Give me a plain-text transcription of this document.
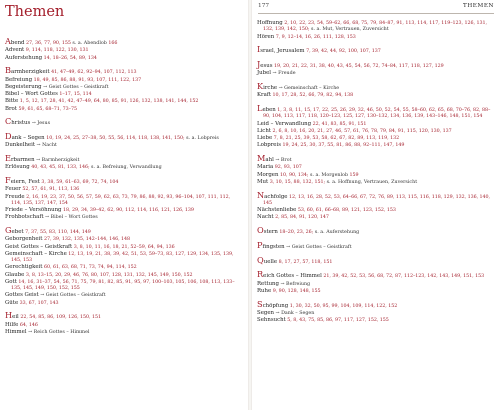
Themen
Abend 27, 36, 77, 90, 155 s. a. Abendlob 166
Advent 9, 114, 118, 122, 130, 131
Auferstehung 14, 18–26, 54, 89, 134
Barmherzigkeit 41, 47–49, 62, 92–94, 107, 112, 113
Befreiung 18, 49, 85, 86, 88, 91, 93, 107, 111, 122, 137
Begeisterung → Geist Gottes – Geistkraft
Bibel – Wort Gottes 1–17, 15, 114
Bitte 1, 5, 12, 17, 28, 41, 42, 47–49, 64, 80, 85, 91, 126, 132, 138, 141, 144, 152
Brot 59, 61, 65, 68–71, 73–75
Christus → Jesus
Dank – Segen 10, 19, 24, 25, 27–38, 50, 55, 56, 114, 118, 138, 141, 150; s. a. Lobpreis
Dunkelheit → Nacht
Erbarmen → Barmherzigkeit
Erlösung 40, 43, 45, 81, 133, 146; s. a. Befreiung, Verwandlung
Feiern, Fest 3, 38, 59, 61–63, 69, 72, 74, 104
Feuer 52, 57, 61, 91, 113, 136
Freude 2, 16, 19, 23, 37, 50, 56, 57, 59, 62, 63, 73, 79, 86, 88, 92, 93, 96–104, 107, 111, 112, 114, 135, 137, 147, 154
Friede – Versöhnung 18, 29, 34, 39–42, 62, 90, 112, 114, 116, 121, 126, 139
Frohbotschaft → Bibel – Wort Gottes
Gebet 7, 37, 55, 83, 110, 144, 149
Geborgenheit 27, 39, 132, 135, 142–144, 146, 148
Geist Gottes – Geistkraft 3, 8, 10, 11, 16, 18, 21, 52–59, 64, 94, 136
Gemeinschaft – Kirche 12, 13, 19, 21, 38, 39, 42, 51, 53, 59–73, 83, 127, 129, 134, 135, 139, 145, 153
Gerechtigkeit 60, 61, 63, 68, 71, 73, 74, 94, 114, 152
Glaube 3, 8, 13–15, 20, 29, 46, 76, 80, 107, 128, 131, 132, 145, 149, 150, 152
Gott 14, 16, 31–37, 54, 56, 71, 75, 79, 81, 82, 85, 91, 95, 97, 100–103, 105, 106, 108, 113, 133–135, 145, 149, 150, 152, 155
Gottes Geist → Geist Gottes – Geistkraft
Güte 33, 67, 107, 143
Heil 22, 54, 85, 86, 109, 126, 150, 151
Hilfe 64, 146
Himmel → Reich Gottes – Himmel
177	THEMEN
Hoffnung 2, 10, 22, 23, 54, 59–62, 66, 68, 75, 79, 84–87, 91, 113, 114, 117, 119–123, 126, 131, 132, 139, 142, 150; s. a. Mut, Vertrauen, Zuversicht
Hören 7, 9, 12–14, 16, 26, 111, 128, 153
Israel, Jerusalem 7, 39, 42, 44, 92, 100, 107, 137
Jesus 19, 20, 21, 22, 31, 38, 40, 43, 45, 54, 56, 72, 74–84, 117, 118, 127, 129
Jubel → Freude
Kirche → Gemeinschaft – Kirche
Kraft 10, 17, 28, 52, 66, 79, 82, 94, 138
Leben 1, 3, 8, 11, 15, 17, 22, 25, 26, 29, 32, 46, 50, 52, 54, 55, 58–60, 62, 65, 68, 70–76, 82, 88–90, 104, 113, 117, 118, 120–123, 125, 127, 130–132, 134, 136, 139, 143–146, 148, 151, 154
Leid – Verwandlung 22, 41, 83, 85, 91, 151
Licht 2, 6, 8, 10, 16, 20, 21, 27, 46, 57, 61, 76, 78, 79, 84, 91, 115, 120, 130, 137
Liebe 7, 8, 21, 25, 39, 53, 58, 62, 67, 82, 89, 113, 119, 132
Lobpreis 19, 24, 25, 30, 37, 55, 81, 86, 88, 92–111, 147, 149
Mahl → Brot
Maria 92, 93, 107
Morgen 10, 90, 134; s. a. Morgenlob 159
Mut 3, 10, 15, 88, 132, 151; s. a. Hoffnung, Vertrauen, Zuversicht
Nachfolge 12, 13, 16, 28, 52, 53, 64–66, 67, 72, 76, 89, 113, 115, 116, 118, 129, 132, 136, 140, 145
Nächstenliebe 53, 60, 61, 66–68, 89, 121, 123, 152, 153
Nacht 2, 85, 84, 91, 120, 147
Ostern 18–20, 23, 26; s. a. Auferstehung
Pfingsten → Geist Gottes – Geistkraft
Quelle 8, 17, 27, 57, 118, 151
Reich Gottes – Himmel 21, 39, 42, 52, 53, 56, 68, 72, 87, 112–123, 142, 143, 149, 151, 153
Rettung → Befreiung
Ruhe 9, 90, 128, 148, 155
Schöpfung 1, 30, 32, 50, 95, 99, 104, 109, 114, 122, 152
Segen → Dank – Segen
Sehnsucht 5, 8, 43, 75, 85, 86, 97, 117, 127, 152, 155
